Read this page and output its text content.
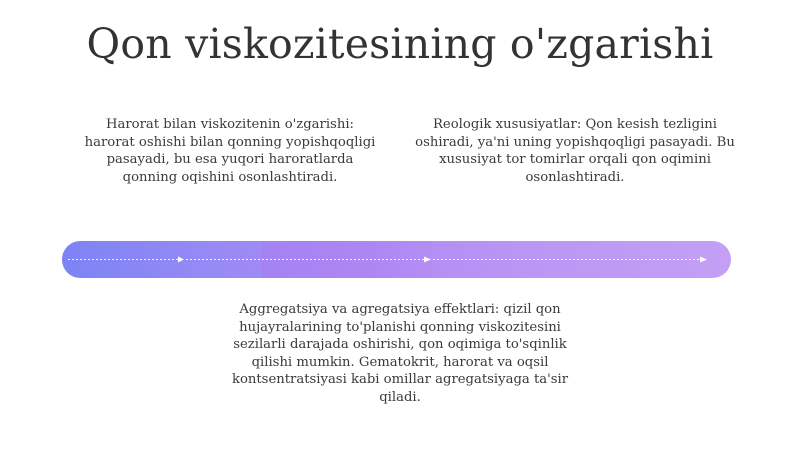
Qon viskozitesining o'zgarishi
Harorat bilan viskozitenin o'zgarishi: harorat oshishi bilan qonning yopishqoqligi pasayadi, bu esa yuqori haroratlarda qonning oqishini osonlashtiradi.
Reologik xususiyatlar: Qon kesish tezligini oshiradi, ya'ni uning yopishqoqligi pasayadi. Bu xususiyat tor tomirlar orqali qon oqimini osonlashtiradi.
Aggregatsiya va agregatsiya effektlari: qizil qon hujayralarining to'planishi qonning viskozitesini sezilarli darajada oshirishi, qon oqimiga to'sqinlik qilishi mumkin. Gematokrit, harorat va oqsil kontsentratsiyasi kabi omillar agregatsiyaga ta'sir qiladi.
